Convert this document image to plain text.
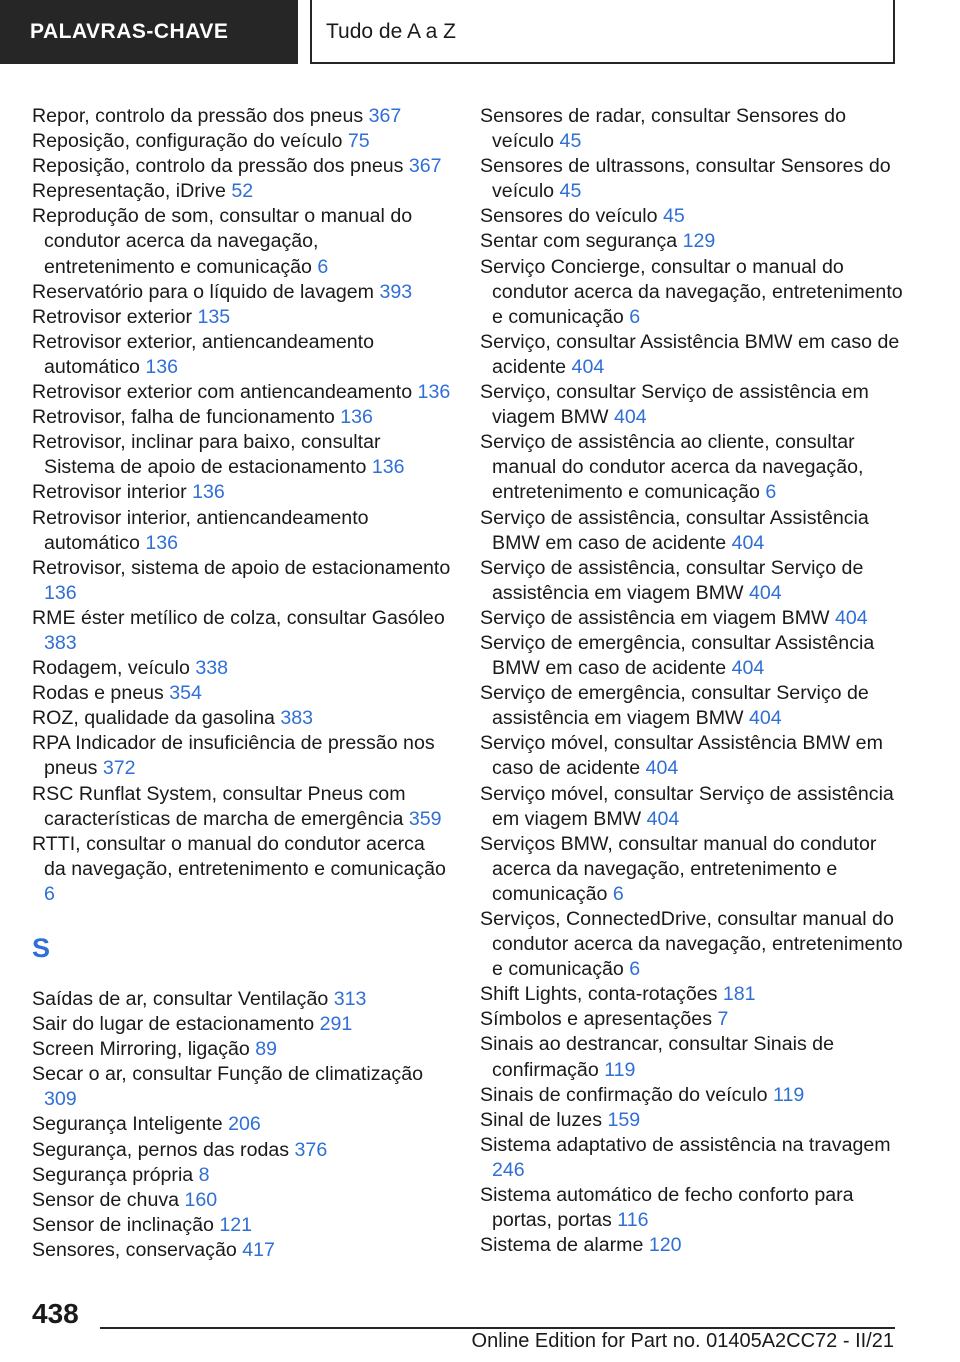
PALAVRAS-CHAVE	Tudo de A a Z

Repor, controlo da pressão dos pneus 367

Reposição, configuração do veículo 75

Reposição, controlo da pressão dos pneus 367

Representação, iDrive 52

Reprodução de som, consultar o manual do condutor acerca da navegação, entretenimento e comunicação 6

Reservatório para o líquido de lavagem 393

Retrovisor exterior 135

Retrovisor exterior, antiencandeamento automático 136

Retrovisor exterior com antiencandeamento 136

Retrovisor, falha de funcionamento 136

Retrovisor, inclinar para baixo, consultar Sistema de apoio de estacionamento 136

Retrovisor interior 136

Retrovisor interior, antiencandeamento automático 136

Retrovisor, sistema de apoio de estacionamento 136

RME éster metílico de colza, consultar Gasóleo 383

Rodagem, veículo 338

Rodas e pneus 354

ROZ, qualidade da gasolina 383

RPA Indicador de insuficiência de pressão nos pneus 372

RSC Runflat System, consultar Pneus com características de marcha de emergência 359

RTTI, consultar o manual do condutor acerca da navegação, entretenimento e comunicação 6

S

Saídas de ar, consultar Ventilação 313

Sair do lugar de estacionamento 291

Screen Mirroring, ligação 89

Secar o ar, consultar Função de climatização 309

Segurança Inteligente 206

Segurança, pernos das rodas 376

Segurança própria 8

Sensor de chuva 160

Sensor de inclinação 121

Sensores, conservação 417

Sensores de radar, consultar Sensores do veículo 45

Sensores de ultrassons, consultar Sensores do veículo 45

Sensores do veículo 45

Sentar com segurança 129

Serviço Concierge, consultar o manual do condutor acerca da navegação, entretenimento e comunicação 6

Serviço, consultar Assistência BMW em caso de acidente 404

Serviço, consultar Serviço de assistência em viagem BMW 404

Serviço de assistência ao cliente, consultar manual do condutor acerca da navegação, entretenimento e comunicação 6

Serviço de assistência, consultar Assistência BMW em caso de acidente 404

Serviço de assistência, consultar Serviço de assistência em viagem BMW 404

Serviço de assistência em viagem BMW 404

Serviço de emergência, consultar Assistência BMW em caso de acidente 404

Serviço de emergência, consultar Serviço de assistência em viagem BMW 404

Serviço móvel, consultar Assistência BMW em caso de acidente 404

Serviço móvel, consultar Serviço de assistência em viagem BMW 404

Serviços BMW, consultar manual do condutor acerca da navegação, entretenimento e comunicação 6

Serviços, ConnectedDrive, consultar manual do condutor acerca da navegação, entretenimento e comunicação 6

Shift Lights, conta-rotações 181

Símbolos e apresentações 7

Sinais ao destrancar, consultar Sinais de confirmação 119

Sinais de confirmação do veículo 119

Sinal de luzes 159

Sistema adaptativo de assistência na travagem 246

Sistema automático de fecho conforto para portas, portas 116

Sistema de alarme 120

438
Online Edition for Part no. 01405A2CC72 - II/21
